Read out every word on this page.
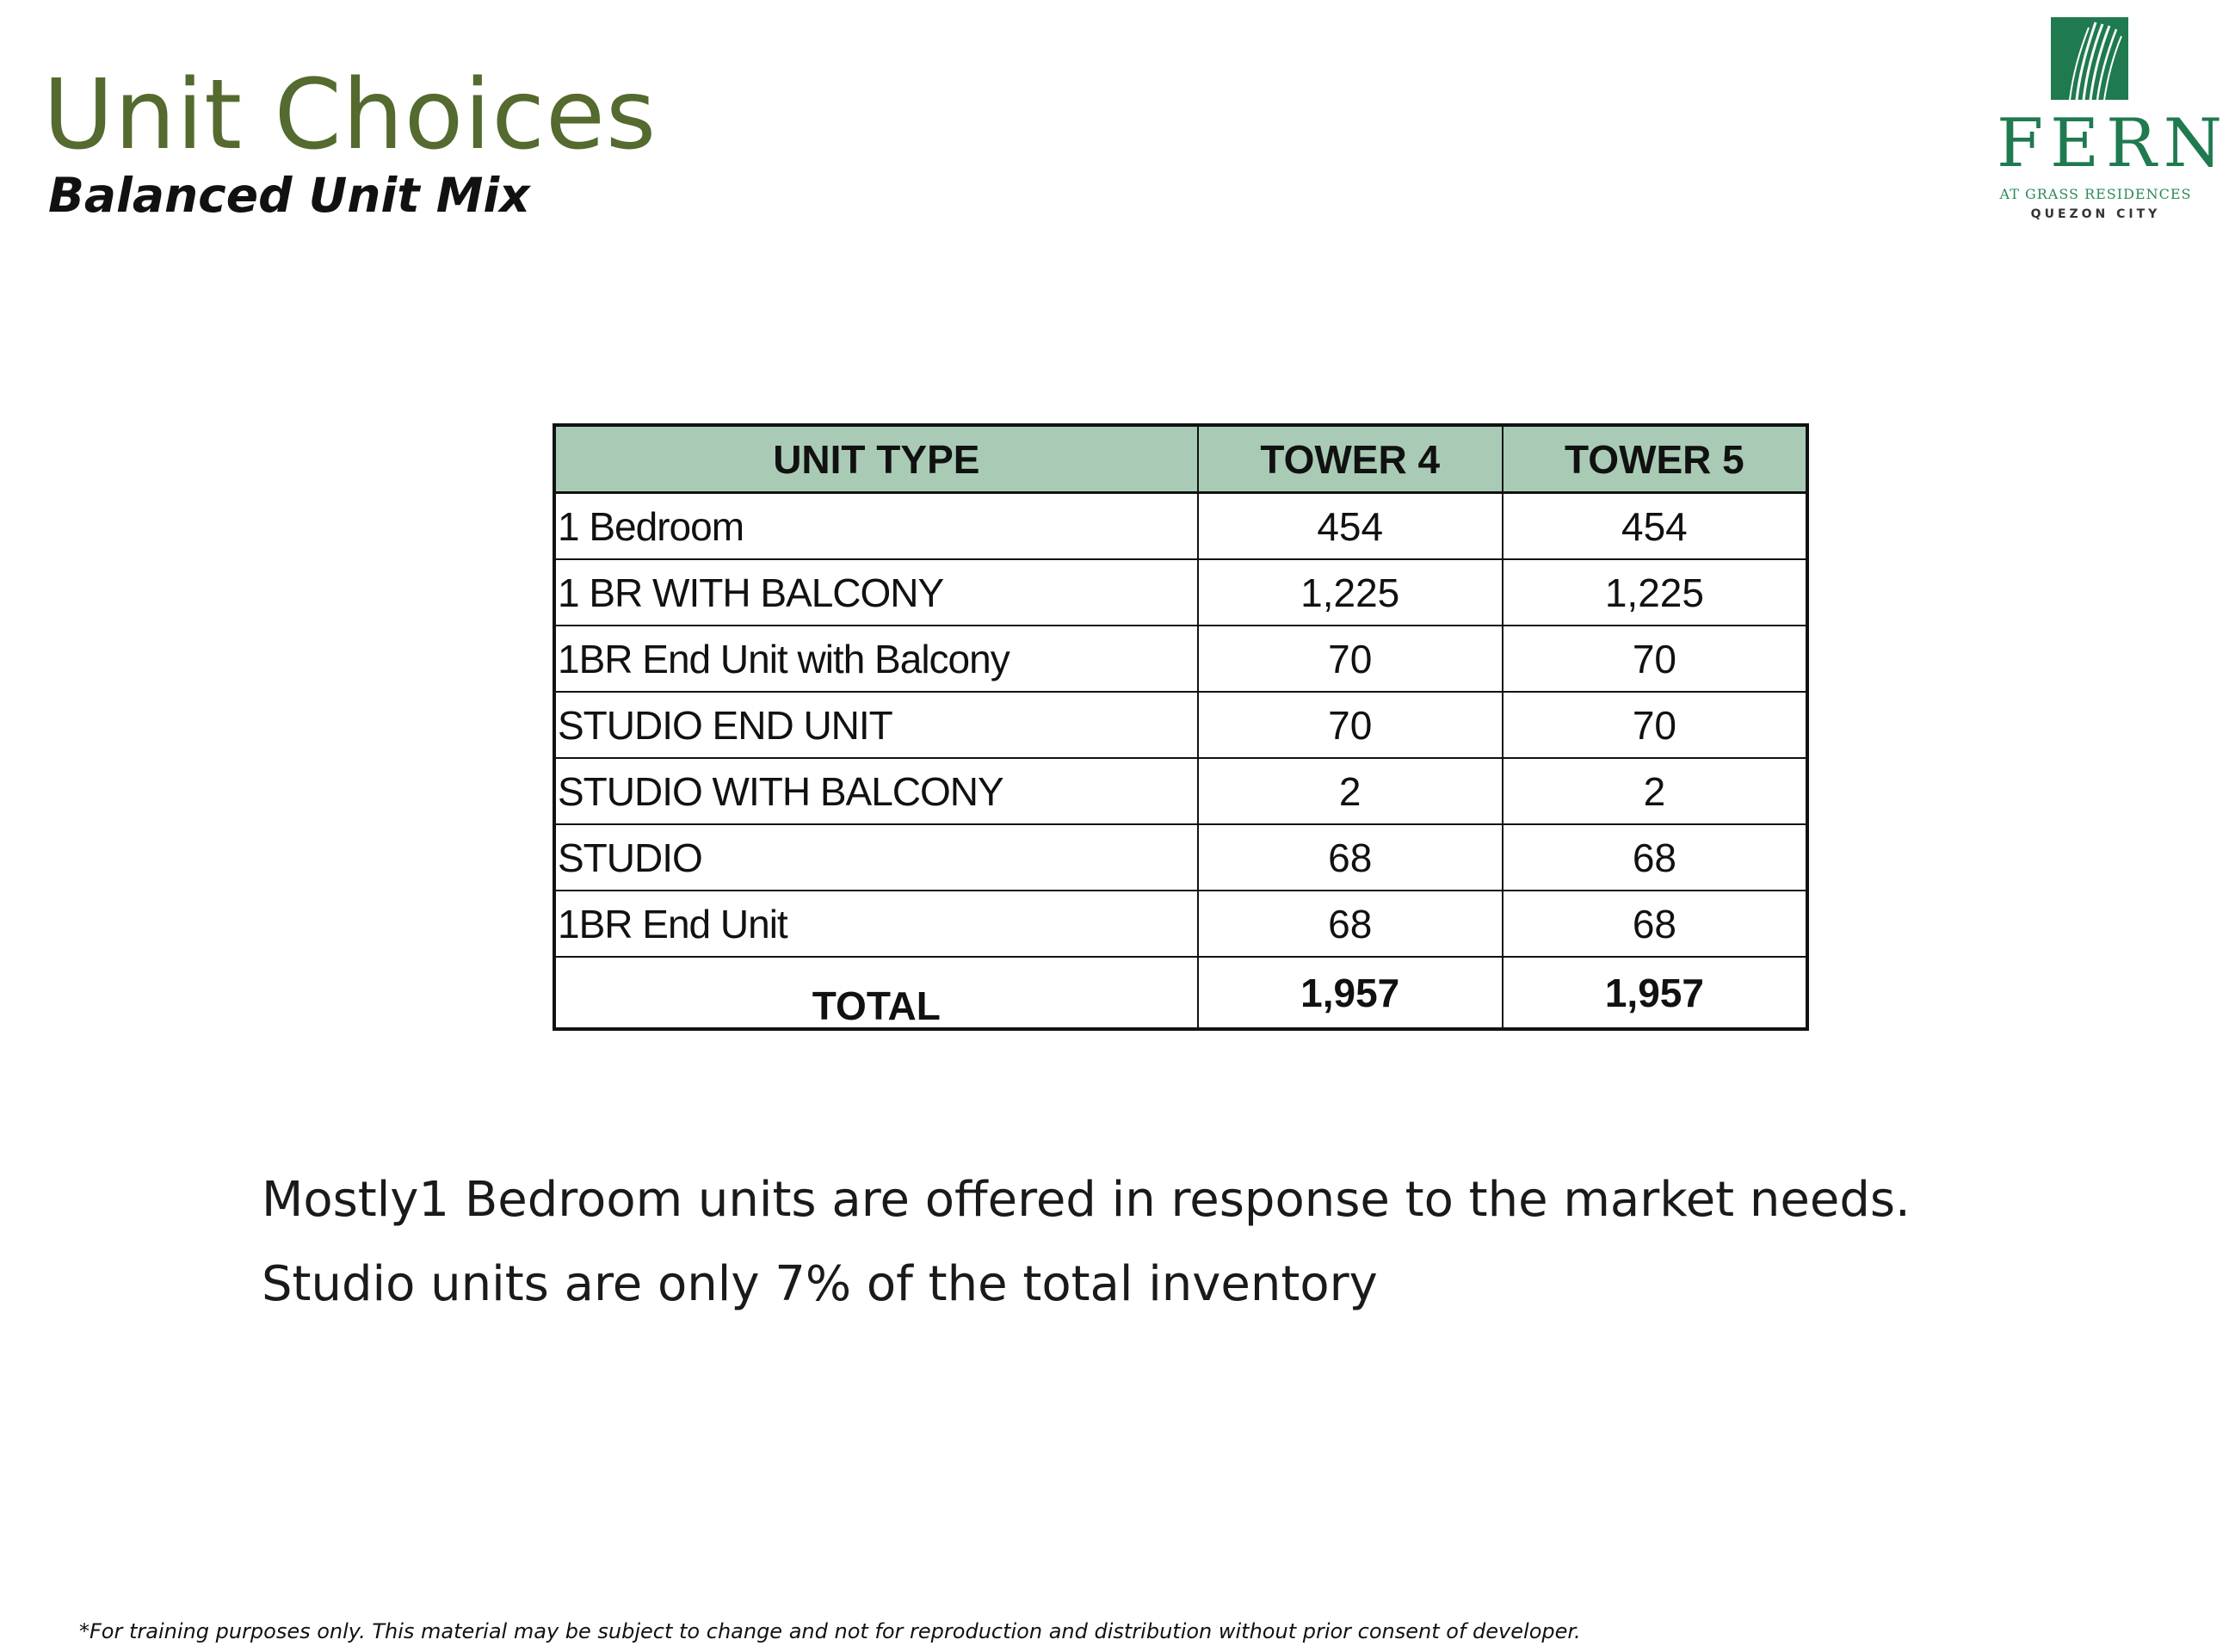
Unit Choices
Balanced Unit Mix
FERN
AT GRASS RESIDENCES
QUEZON CITY
UNIT TYPE	TOWER 4	TOWER 5
1 Bedroom	454	454
1 BR WITH BALCONY	1,225	1,225
1BR End Unit with Balcony	70	70
STUDIO END UNIT	70	70
STUDIO WITH BALCONY	2	2
STUDIO	68	68
1BR End Unit	68	68
TOTAL	1,957	1,957

Mostly1 Bedroom units are offered in response to the market needs.

Studio units are only 7% of the total inventory

*For training purposes only. This material may be subject to change and not for reproduction and distribution without prior consent of developer.
